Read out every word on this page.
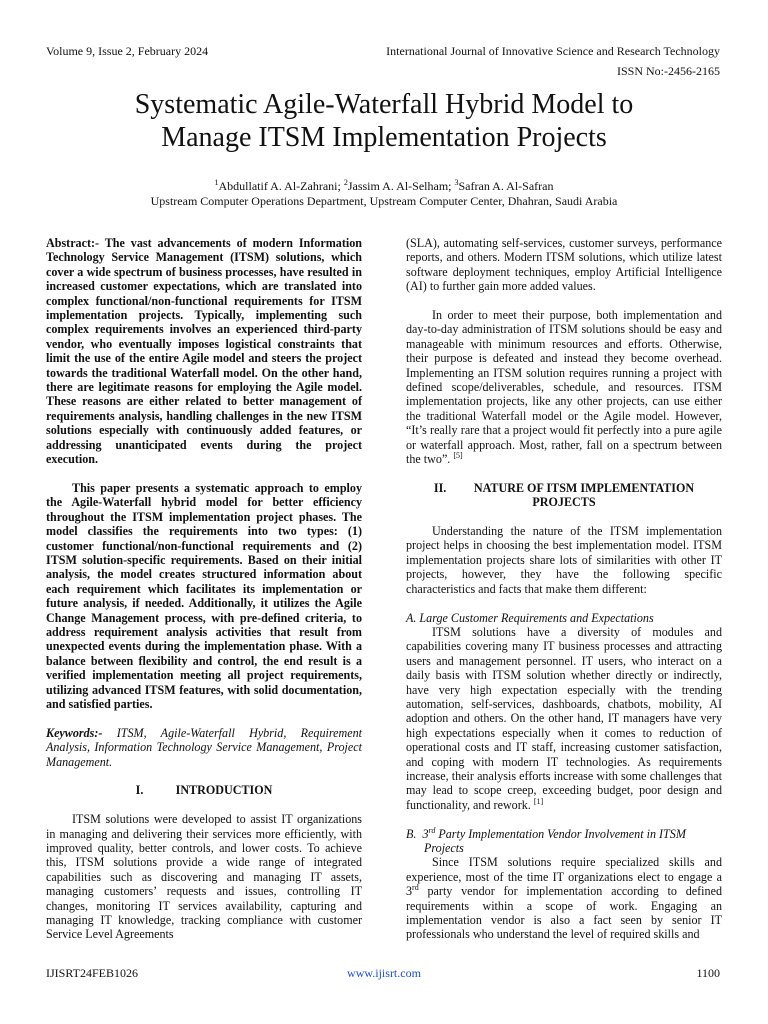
Volume 9, Issue 2, February 2024	International Journal of Innovative Science and Research Technology
ISSN No:-2456-2165
Systematic Agile-Waterfall Hybrid Model to
Manage ITSM Implementation Projects
$^1$Abdullatif A. Al-Zahrani; $^2$Jassim A. Al-Selham; $^3$Safran A. Al-Safran
Upstream Computer Operations Department, Upstream Computer Center, Dhahran, Saudi Arabia

Abstract:- The vast advancements of modern Information Technology Service Management (ITSM) solutions, which cover a wide spectrum of business processes, have resulted in increased customer expectations, which are translated into complex functional/non-functional requirements for ITSM implementation projects. Typically, implementing such complex requirements involves an experienced third-party vendor, who eventually imposes logistical constraints that limit the use of the entire Agile model and steers the project towards the traditional Waterfall model. On the other hand, there are legitimate reasons for employing the Agile model. These reasons are either related to better management of requirements analysis, handling challenges in the new ITSM solutions especially with continuously added features, or addressing unanticipated events during the project execution.

This paper presents a systematic approach to employ the Agile-Waterfall hybrid model for better efficiency throughout the ITSM implementation project phases. The model classifies the requirements into two types: (1) customer functional/non-functional requirements and (2) ITSM solution-specific requirements. Based on their initial analysis, the model creates structured information about each requirement which facilitates its implementation or future analysis, if needed. Additionally, it utilizes the Agile Change Management process, with pre-defined criteria, to address requirement analysis activities that result from unexpected events during the implementation phase. With a balance between flexibility and control, the end result is a verified implementation meeting all project requirements, utilizing advanced ITSM features, with solid documentation, and satisfied parties.

Keywords:- ITSM, Agile-Waterfall Hybrid, Requirement Analysis, Information Technology Service Management, Project Management.

I.	INTRODUCTION

ITSM solutions were developed to assist IT organizations in managing and delivering their services more efficiently, with improved quality, better controls, and lower costs. To achieve this, ITSM solutions provide a wide range of integrated capabilities such as discovering and managing IT assets, managing customers’ requests and issues, controlling IT changes, monitoring IT services availability, capturing and managing IT knowledge, tracking compliance with customer Service Level Agreements

(SLA), automating self-services, customer surveys, performance reports, and others. Modern ITSM solutions, which utilize latest software deployment techniques, employ Artificial Intelligence (AI) to further gain more added values.

In order to meet their purpose, both implementation and day-to-day administration of ITSM solutions should be easy and manageable with minimum resources and efforts. Otherwise, their purpose is defeated and instead they become overhead. Implementing an ITSM solution requires running a project with defined scope/deliverables, schedule, and resources. ITSM implementation projects, like any other projects, can use either the traditional Waterfall model or the Agile model. However, “It’s really rare that a project would fit perfectly into a pure agile or waterfall approach. Most, rather, fall on a spectrum between the two”. [5]

II. NATURE OF ITSM IMPLEMENTATION
PROJECTS

Understanding the nature of the ITSM implementation project helps in choosing the best implementation model. ITSM implementation projects share lots of similarities with other IT projects, however, they have the following specific characteristics and facts that make them different:

A. Large Customer Requirements and Expectations

ITSM solutions have a diversity of modules and capabilities covering many IT business processes and attracting users and management personnel. IT users, who interact on a daily basis with ITSM solution whether directly or indirectly, have very high expectation especially with the trending automation, self-services, dashboards, chatbots, mobility, AI adoption and others. On the other hand, IT managers have very high expectations especially when it comes to reduction of operational costs and IT staff, increasing customer satisfaction, and coping with modern IT technologies. As requirements increase, their analysis efforts increase with some challenges that may lead to scope creep, exceeding budget, poor design and functionality, and rework. [1]

B.  3rd Party Implementation Vendor Involvement in ITSM
Projects

Since ITSM solutions require specialized skills and experience, most of the time IT organizations elect to engage a 3rd party vendor for implementation according to defined requirements within a scope of work. Engaging an implementation vendor is also a fact seen by senior IT professionals who understand the level of required skills and

IJISRT24FEB1026	www.ijisrt.com	1100
